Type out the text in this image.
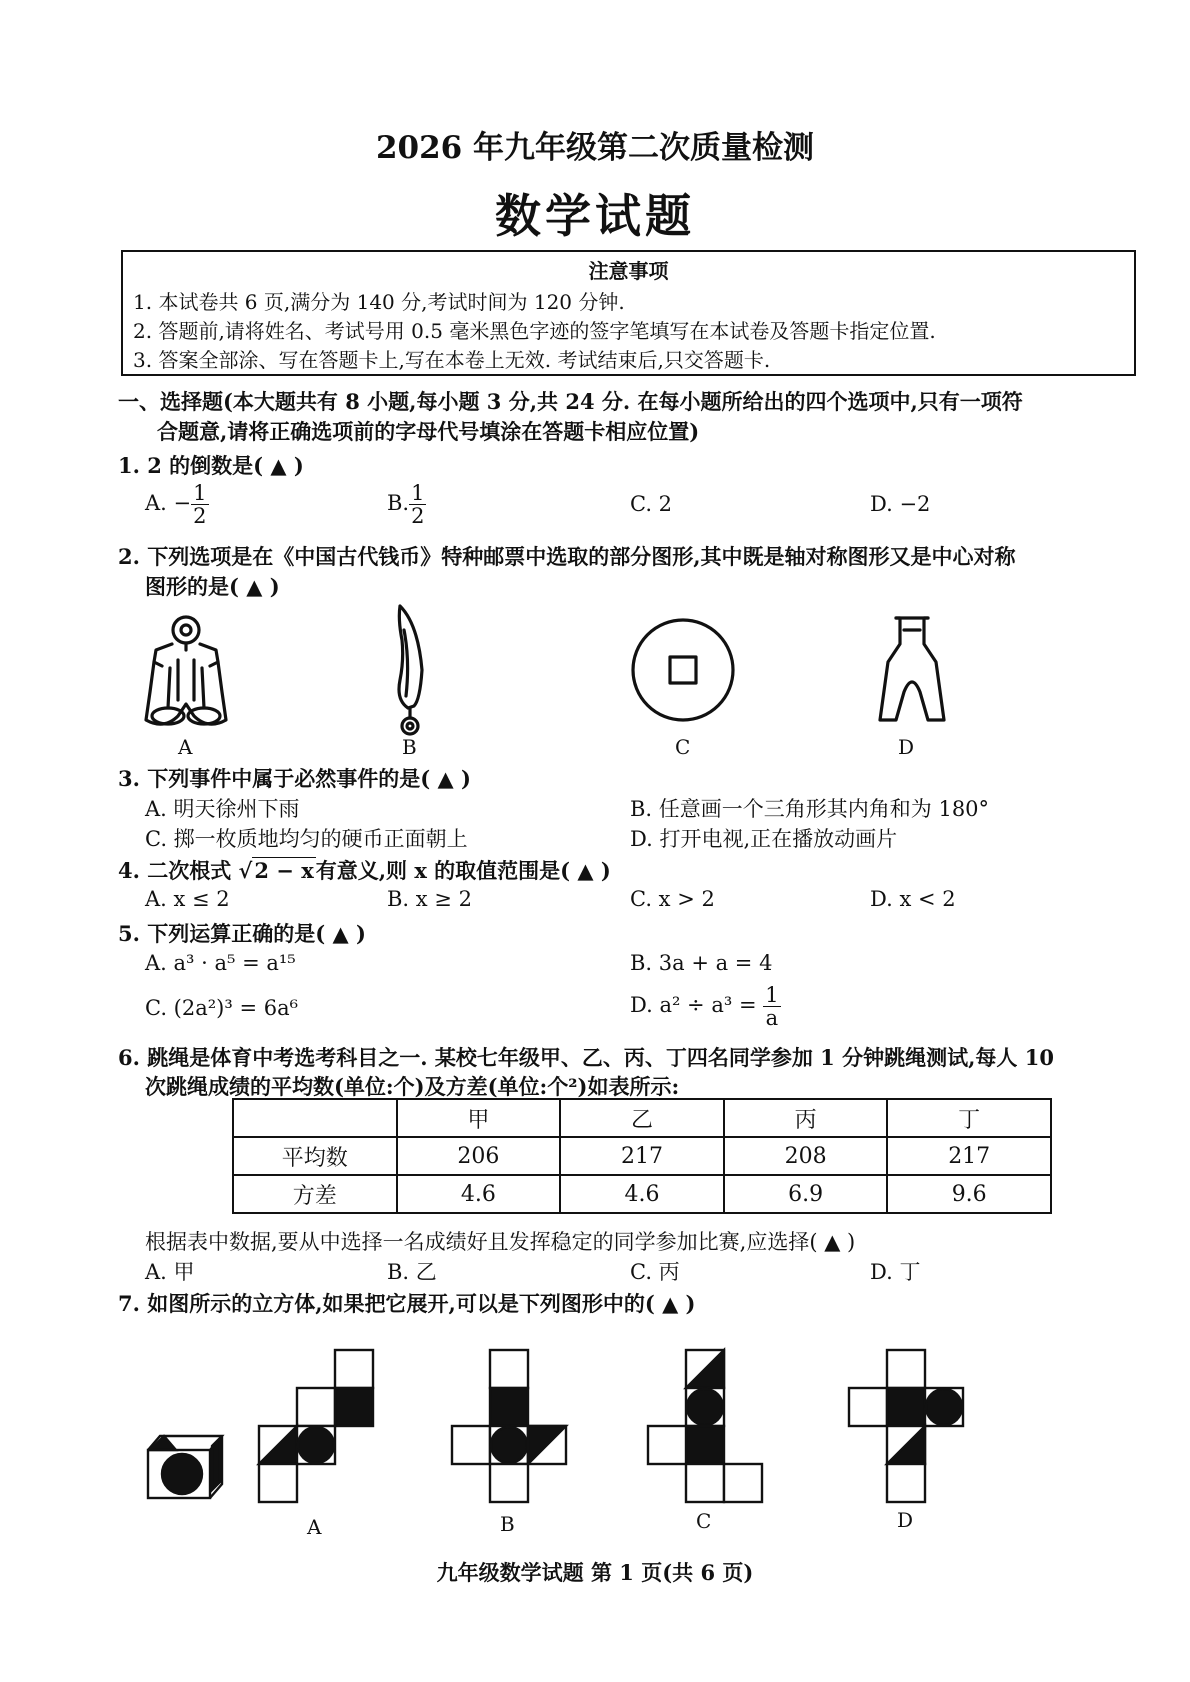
2026 年九年级第二次质量检测
数学试题
注意事项
1. 本试卷共 6 页,满分为 140 分,考试时间为 120 分钟.
2. 答题前,请将姓名、考试号用 0.5 毫米黑色字迹的签字笔填写在本试卷及答题卡指定位置.
3. 答案全部涂、写在答题卡上,写在本卷上无效. 考试结束后,只交答题卡.
一、选择题(本大题共有 8 小题,每小题 3 分,共 24 分. 在每小题所给出的四个选项中,只有一项符
合题意,请将正确选项前的字母代号填涂在答题卡相应位置)
1. 2 的倒数是( ▲ )
A. − $\frac{1}{2}$	B. $\frac{1}{2}$	C. 2	D. −2
2. 下列选项是在《中国古代钱币》特种邮票中选取的部分图形,其中既是轴对称图形又是中心对称
图形的是( ▲ )
A	B	C	D
3. 下列事件中属于必然事件的是( ▲ )
A. 明天徐州下雨	B. 任意画一个三角形其内角和为 180°
C. 掷一枚质地均匀的硬币正面朝上	D. 打开电视,正在播放动画片
4. 二次根式 √2 − x有意义,则 x 的取值范围是( ▲ )
A. x ≤ 2	B. x ≥ 2	C. x > 2	D. x < 2
5. 下列运算正确的是( ▲ )
A. a³ · a⁵ = a¹⁵	B. 3a + a = 4
C. (2a²)³ = 6a⁶	D. $a^2 \div a^3 = \frac{1}{a}$
6. 跳绳是体育中考选考科目之一. 某校七年级甲、乙、丙、丁四名同学参加 1 分钟跳绳测试,每人 10
次跳绳成绩的平均数(单位:个)及方差(单位:个²)如表所示:
	甲	乙	丙	丁
平均数	206	217	208	217
方差	4.6	4.6	6.9	9.6
根据表中数据,要从中选择一名成绩好且发挥稳定的同学参加比赛,应选择( ▲ )
A. 甲	B. 乙	C. 丙	D. 丁
7. 如图所示的立方体,如果把它展开,可以是下列图形中的( ▲ )
A	B	C	D
九年级数学试题 第 1 页(共 6 页)
